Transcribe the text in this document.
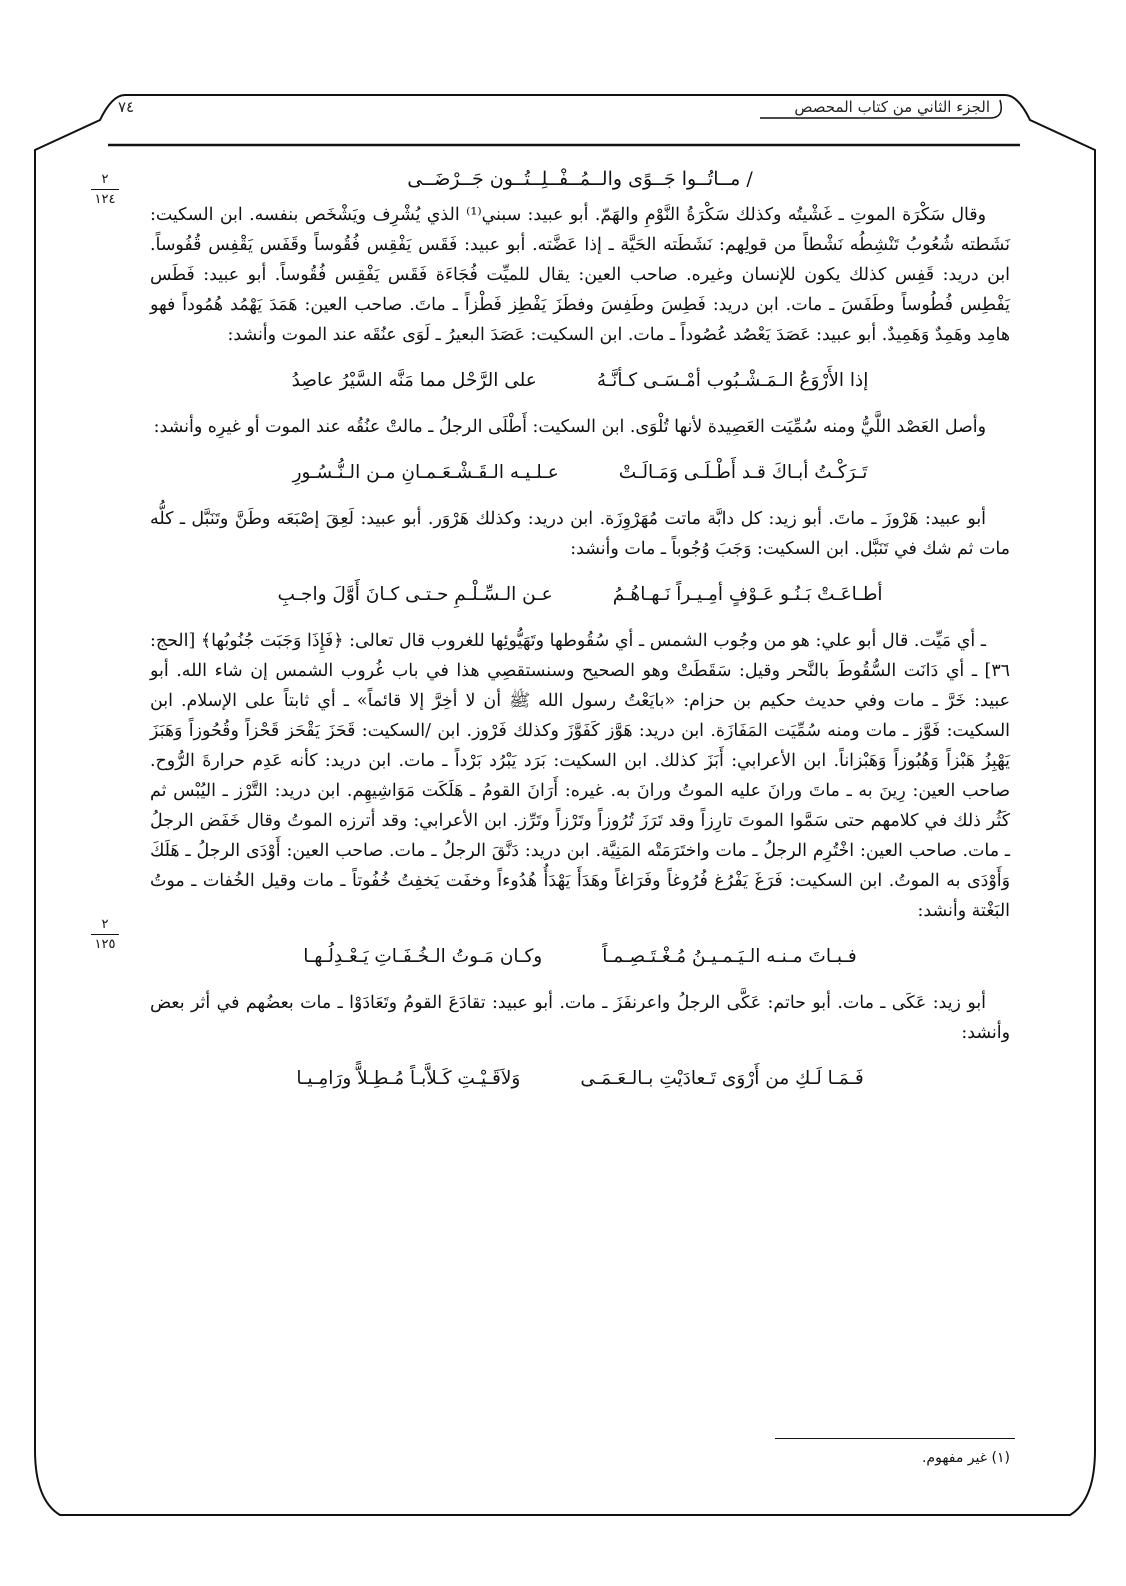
الجزء الثاني من كتاب المحصص
٧٤
٢
١٢٤
٢
١٢٥
/ مــاتُــوا جَــوًى والــمُــفْــلِــتُــون جَــرْضَــى

وقال سَكْرَة الموتِ ـ غَشْيتُه وكذلك سَكْرَةُ النَّوْمِ والهَمّ. أبو عبيد: سبني⁽¹⁾ الذي يُشْرِف ويَشْخَص بنفسه. ابن السكيت: نَشَطته شُعُوبُ تَنْشِطُه نَشْطاً من قولِهم: نَشَطَته الحَيَّة ـ إذا عَضَّته. أبو عبيد: فَقَس يَفْقِس فُقُوساً وقَفَس يَقْفِس قُفُوساً. ابن دريد: قَفِس كذلك يكون للإنسان وغيره. صاحب العين: يقال للميِّت فُجَاءَة فَقَس يَفْقِس فُقُوساً. أبو عبيد: فَطَس يَفْطِس فُطُوساً وطَفَسَ ـ مات. ابن دريد: فَطِسَ وطَفِسَ وفطَزَ يَفْطِز فَطْزاً ـ ماتَ. صاحب العين: هَمَدَ يَهْمُد هُمُوداً فهو هامِد وهَمِدٌ وَهَمِيدٌ. أبو عبيد: عَصَدَ يَعْصُد عُصُوداً ـ مات. ابن السكيت: عَصَدَ البعيرُ ـ لَوَى عنُقَه عند الموت وأنشد:

إذا الأَرْوَعُ الـمَـشْـبُوب أمْـسَـى كـأنَّـهُ
على الرَّحْل مما مَنَّه السَّيْرُ عاصِدُ

وأصل العَصْد اللَّيُّ ومنه سُمِّيَت العَصِيدة لأنها تُلْوَى. ابن السكيت: أَطْلَى الرجلُ ـ مالتْ عنُقُه عند الموت أو غيرِه وأنشد:

تَـرَكْـتُ أبـاكَ قـد أَطْـلَـى وَمَـالَـتْ
عـلـيـه الـقَـشْـعَـمـانِ مـن الـنُّـسُـورِ

أبو عبيد: هَرْوزَ ـ ماتَ. أبو زيد: كل دابَّة ماتت مُهَرْوِزَة. ابن دريد: وكذلك هَرْوَر. أبو عبيد: لَعِقَ إصْبَعَه وطَنَّ وتَنَبَّل ـ كلُّه مات ثم شك في تَنَبَّل. ابن السكيت: وَجَبَ وُجُوباً ـ مات وأنشد:

أطـاعَـتْ بَـنُـو عَـوْفٍ أمِـيـراً نَـهـاهُـمُ
عـن الـسِّـلْـمِ حـتـى كـانَ أَوَّلَ واجـبِ

ـ أي مَيِّت. قال أبو علي: هو من وجُوب الشمس ـ أي سُقُوطها وتَهَيُّوئِها للغروب قال تعالى: ﴿فَإِذَا وَجَبَت جُنُوبُها﴾ [الحج: ٣٦] ـ أي دَانَت السُّقُوطَ بالنَّحر وقيل: سَقَطَتْ وهو الصحيح وسنستقصِي هذا في باب غُروب الشمس إن شاء الله. أبو عبيد: خَرَّ ـ مات وفي حديث حكيم بن حزام: «بايَعْتُ رسول الله ﷺ أن لا أخِرَّ إلا قائماً» ـ أي ثابتاً على الإسلام. ابن السكيت: فَوَّز ـ مات ومنه سُمِّيَت المَفَازَة. ابن دريد: هَوَّز كَفَوَّزَ وكذلك فَرْوز. ابن /السكيت: قَحَزَ يَقْحَز قَحْزاً وقُحُوزاً وَهَبَزَ يَهْبِزُ هَبْزاً وَهُبُوزاً وَهَبْزاناً. ابن الأعرابي: أَبَزَ كذلك. ابن السكيت: بَرَد يَبْرُد بَرْداً ـ مات. ابن دريد: كأنه عَدِم حرارةَ الرُّوح. صاحب العين: رِينَ به ـ ماتَ ورانَ عليه الموتُ ورانَ به. غيره: أَرَانَ القومُ ـ هَلَكَت مَوَاشِيهِم. ابن دريد: التَّرْز ـ اليُبْس ثم كَثُر ذلك في كلامهم حتى سَمَّوا الموتَ تارِزاً وقد تَرَزَ تُرُوزاً وتَرْزاً وتَرِّز. ابن الأعرابي: وقد أترزه الموتُ وقال خَفَض الرجلُ ـ مات. صاحب العين: اخْتُرِم الرجلُ ـ مات واختَرَمَتْه المَنِيَّة. ابن دريد: دَنَّقَ الرجلُ ـ مات. صاحب العين: أَوْدَى الرجلُ ـ هَلَكَ وَأَوْدَى به الموتُ. ابن السكيت: فَرَغَ يَفْرُغ فُرُوغاً وفَرَاغاً وهَدَأَ يَهْدَأُ هُدُوءاً وخفَت يَخفِتُ خُفُوتاً ـ مات وقيل الخُفات ـ موتُ البَغْتة وأنشد:

فـبـاتَ مـنـه الـيَـمـيـنُ مُـغْـتَـصِـمـاً
وكـان مَـوتُ الـخُـفَـاتِ يَـعْـدِلُـهـا

أبو زيد: عَكَى ـ مات. أبو حاتم: عَكَّى الرجلُ واعرنفَزَ ـ مات. أبو عبيد: تقادَعَ القومُ وتَعَادَوْا ـ مات بعضُهم في أثر بعض وأنشد:

فَـمَـا لَـكِ من أَرْوَى تَـعادَيْتِ بـالـعَـمَـى
وَلاَقَـيْـتِ كَـلاَّبـاً مُـطِـلاًّ ورَامِـيـا
(١) غير مفهوم.
